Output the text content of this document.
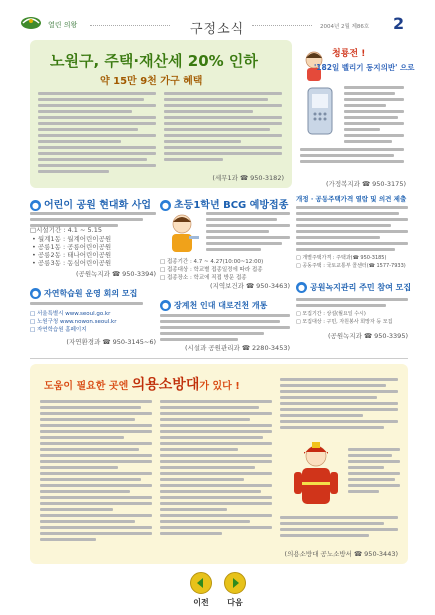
열린 의왕	구정소식	2004년 2월 제86호 2
노원구, 주택·재산세 20% 인하
약 15만 9천 가구 혜택
(세무1과 ☎ 950-3182)
청룡전 !
'182일 벨리기 동지의반' 으로
(가정복지과 ☎ 950-3175)
개정 · 공동주택가격 열람 및 의견 제출
□ 개별주택가격 : 주택과(☎ 950-3185)
□ 공동주택 : 국토교통부 콜센터(☎ 1577-7933)
● 공원녹지관리 주민 참여 모집
□ 모집기간 : 상설(월요일 수시)
□ 모집대상 : 구민, 자원봉사 희망자 등 모집
(공원녹지과 ☎ 950-3395)
● 어린이 공원 현대화 사업
□시설기간 : 4.1 ~ 5.15
• 월계1동 : 월계어린이공원
• 공릉1동 : 공릉어린이공원
• 공릉2동 : 태나어린이공원
• 공릉3동 : 동심어린이공원
(공원녹지과 ☎ 950-3394)
● 자연학습원 운영 회의 모집
□ 서울특별시 www.seoul.go.kr
□ 노원구청 www.nowon.seoul.kr
□ 자연학습원 홈페이지
(자연환경과 ☎ 950-3145~6)
● 초등1학년 BCG 예방접종
□ 접종기간 : 4.7 ~ 4.27(10:00~12:00)
□ 접종대상 : 학교별 접종일정에 따라 접종
□ 접종장소 : 학교에 직접 방문 접종
(지역보건과 ☎ 950-3463)
● 장계천 인대 대로건천 개통
(시설과 공원관리과 ☎ 2280-3453)
도움이 필요한 곳엔 의용소방대가 있다 !
(의용소방대 공노소방서 ☎ 950-3443)
이전	다음
